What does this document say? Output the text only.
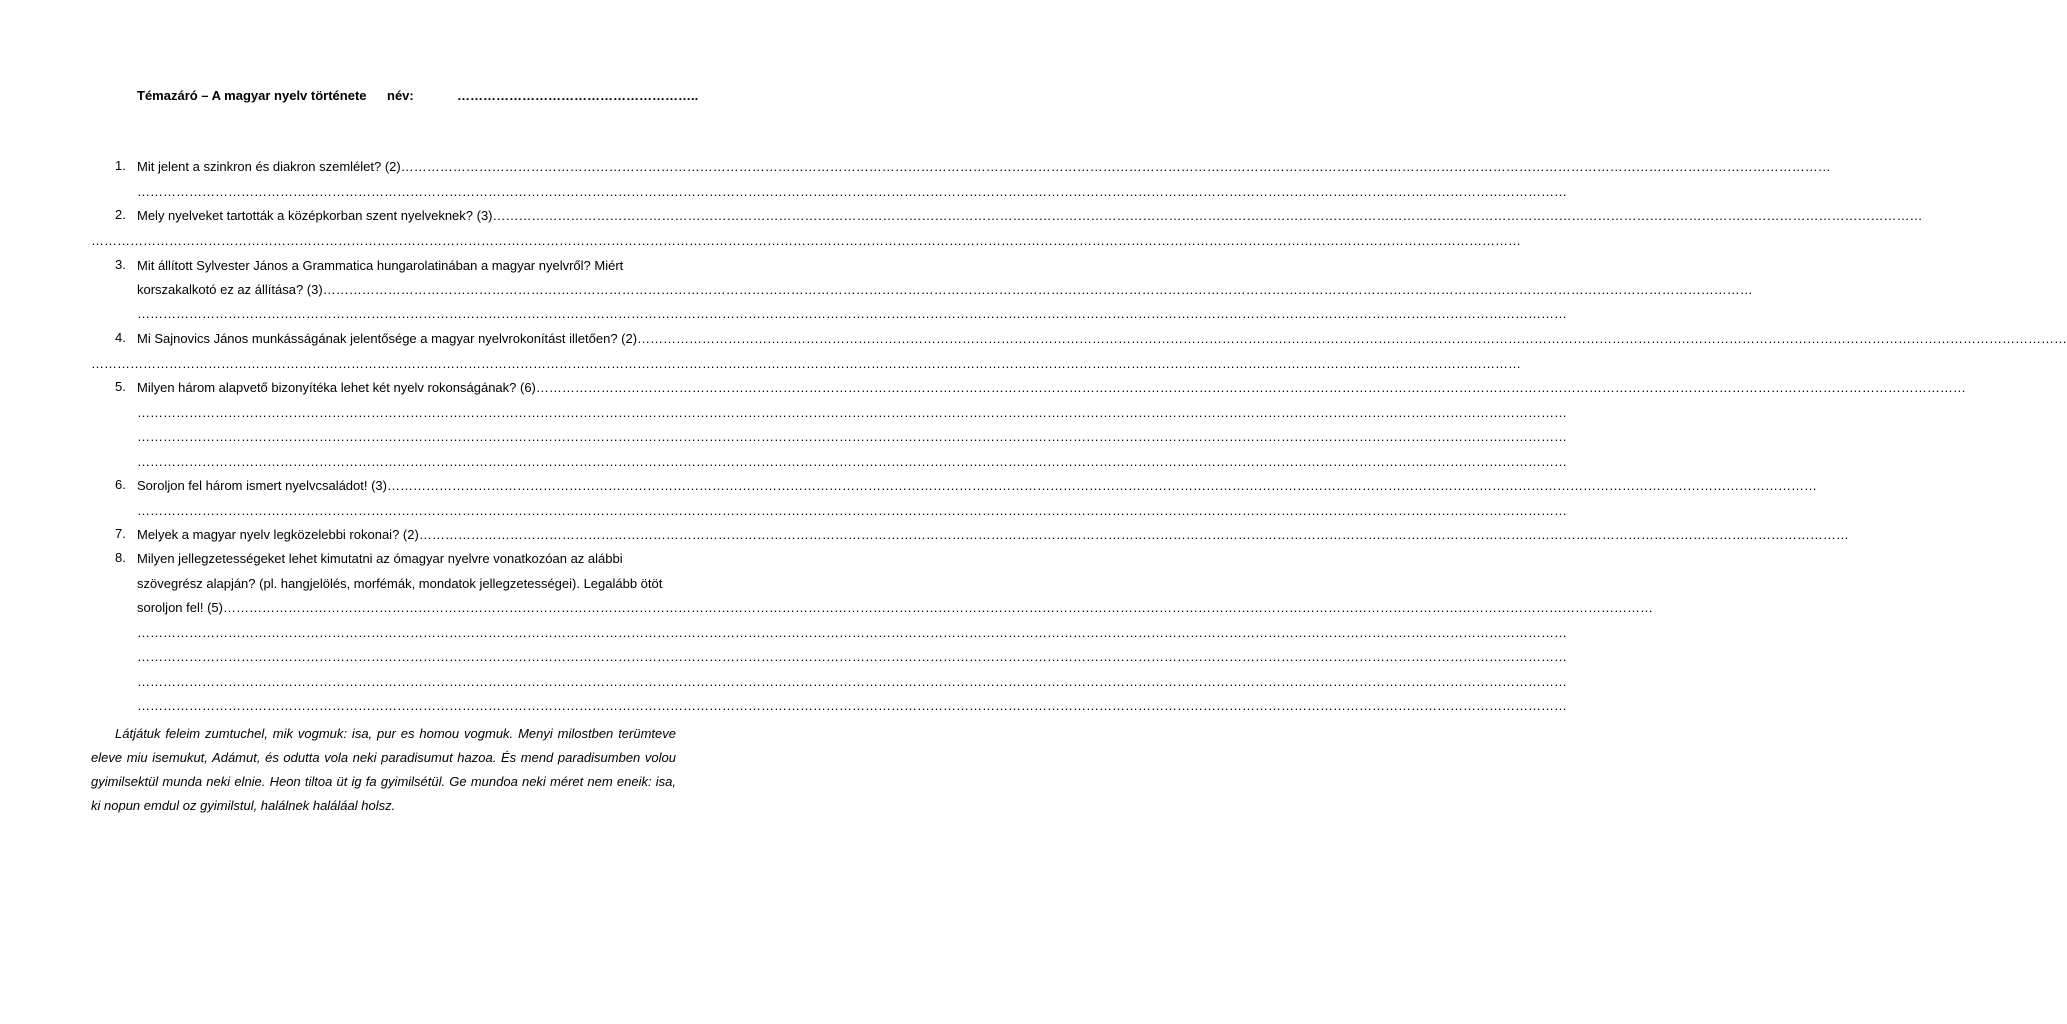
Témazáró – A magyar nyelv története név:	………………………………………………..
1. Mit jelent a szinkron és diakron szemlélet? (2) ……………………………………………………………………………………………………………………………………………………………………………………………………………………………………………………………………………………………………
……………………………………………………………………………………………………………………………………………………………………………………………………………………………………………………………………………………………………
2. Mely nyelveket tartották a középkorban szent nyelveknek? (3) ……………………………………………………………………………………………………………………………………………………………………………………………………………………………………………………………………………………………………
……………………………………………………………………………………………………………………………………………………………………………………………………………………………………………………………………………………………………
3. Mit állított Sylvester János a Grammatica hungarolatinában a magyar nyelvről? Miért
korszakalkotó ez az állítása? (3) ……………………………………………………………………………………………………………………………………………………………………………………………………………………………………………………………………………………………………
……………………………………………………………………………………………………………………………………………………………………………………………………………………………………………………………………………………………………
4. Mi Sajnovics János munkásságának jelentősége a magyar nyelvrokonítást illetően? (2) ……………………………………………………………………………………………………………………………………………………………………………………………………………………………………………………………………………………………………
……………………………………………………………………………………………………………………………………………………………………………………………………………………………………………………………………………………………………
5. Milyen három alapvető bizonyítéka lehet két nyelv rokonságának? (6) ……………………………………………………………………………………………………………………………………………………………………………………………………………………………………………………………………………………………………
……………………………………………………………………………………………………………………………………………………………………………………………………………………………………………………………………………………………………
……………………………………………………………………………………………………………………………………………………………………………………………………………………………………………………………………………………………………
……………………………………………………………………………………………………………………………………………………………………………………………………………………………………………………………………………………………………
6. Soroljon fel három ismert nyelvcsaládot! (3) ……………………………………………………………………………………………………………………………………………………………………………………………………………………………………………………………………………………………………
……………………………………………………………………………………………………………………………………………………………………………………………………………………………………………………………………………………………………
7. Melyek a magyar nyelv legközelebbi rokonai? (2) ……………………………………………………………………………………………………………………………………………………………………………………………………………………………………………………………………………………………………
8. Milyen jellegzetességeket lehet kimutatni az ómagyar nyelvre vonatkozóan az alábbi
szövegrész alapján? (pl. hangjelölés, morfémák, mondatok jellegzetességei). Legalább ötöt
soroljon fel! (5) ……………………………………………………………………………………………………………………………………………………………………………………………………………………………………………………………………………………………………
……………………………………………………………………………………………………………………………………………………………………………………………………………………………………………………………………………………………………
……………………………………………………………………………………………………………………………………………………………………………………………………………………………………………………………………………………………………
……………………………………………………………………………………………………………………………………………………………………………………………………………………………………………………………………………………………………
……………………………………………………………………………………………………………………………………………………………………………………………………………………………………………………………………………………………………
Látjátuk feleim zumtuchel, mik vogmuk: isa, pur es homou vogmuk. Menyi milostben terümteve eleve miu isemukut, Adámut, és odutta vola neki paradisumut hazoa. És mend paradisumben volou gyimilsektül munda neki elnie. Heon tiltoa üt ig fa gyimilsétül. Ge mundoa neki méret nem eneik: isa, ki nopun emdul oz gyimilstul, halálnek haláláal holsz.
